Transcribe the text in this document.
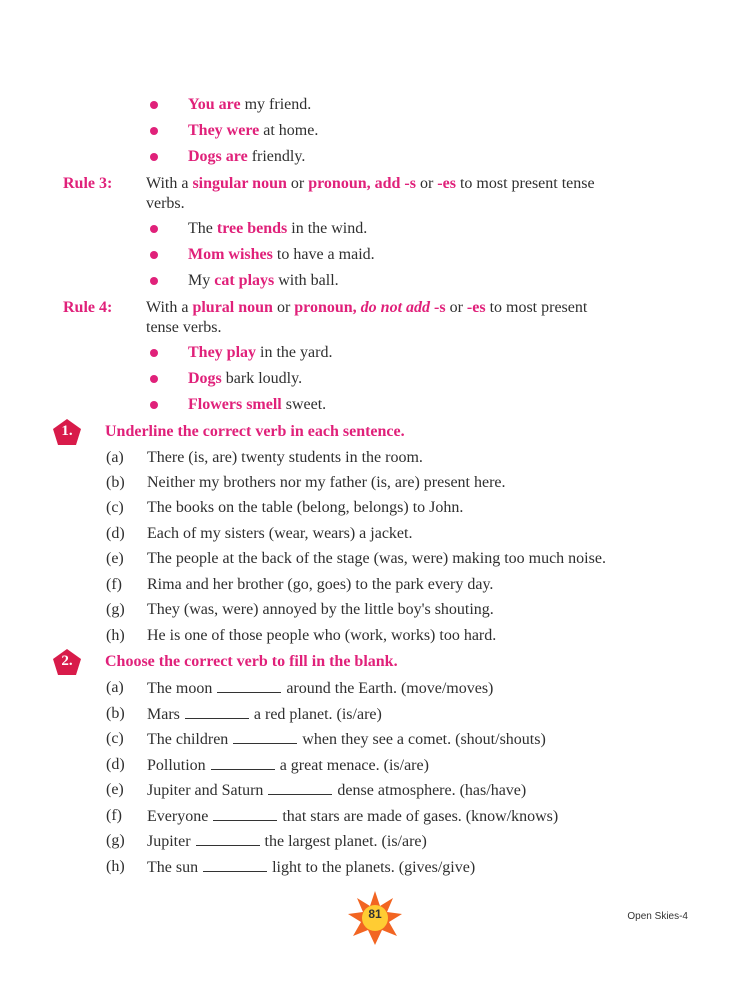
You are my friend.
They were at home.
Dogs are friendly.
Rule 3: With a singular noun or pronoun, add -s or -es to most present tense
verbs.
The tree bends in the wind.
Mom wishes to have a maid.
My cat plays with ball.
Rule 4: With a plural noun or pronoun, do not add -s or -es to most present
tense verbs.
They play in the yard.
Dogs bark loudly.
Flowers smell sweet.
1.	Underline the correct verb in each sentence.
(a) There (is, are) twenty students in the room.
(b) Neither my brothers nor my father (is, are) present here.
(c) The books on the table (belong, belongs) to John.
(d) Each of my sisters (wear, wears) a jacket.
(e) The people at the back of the stage (was, were) making too much noise.
(f) Rima and her brother (go, goes) to the park every day.
(g) They (was, were) annoyed by the little boy's shouting.
(h) He is one of those people who (work, works) too hard.
2.	Choose the correct verb to fill in the blank.
(a) The moon	around the Earth. (move/moves)
(b) Mars	a red planet. (is/are)
(c) The children	when they see a comet. (shout/shouts)
(d) Pollution	a great menace. (is/are)
(e) Jupiter and Saturn	dense atmosphere. (has/have)
(f) Everyone	that stars are made of gases. (know/knows)
(g) Jupiter	the largest planet. (is/are)
(h) The sun	light to the planets. (gives/give)
81	Open Skies-4
